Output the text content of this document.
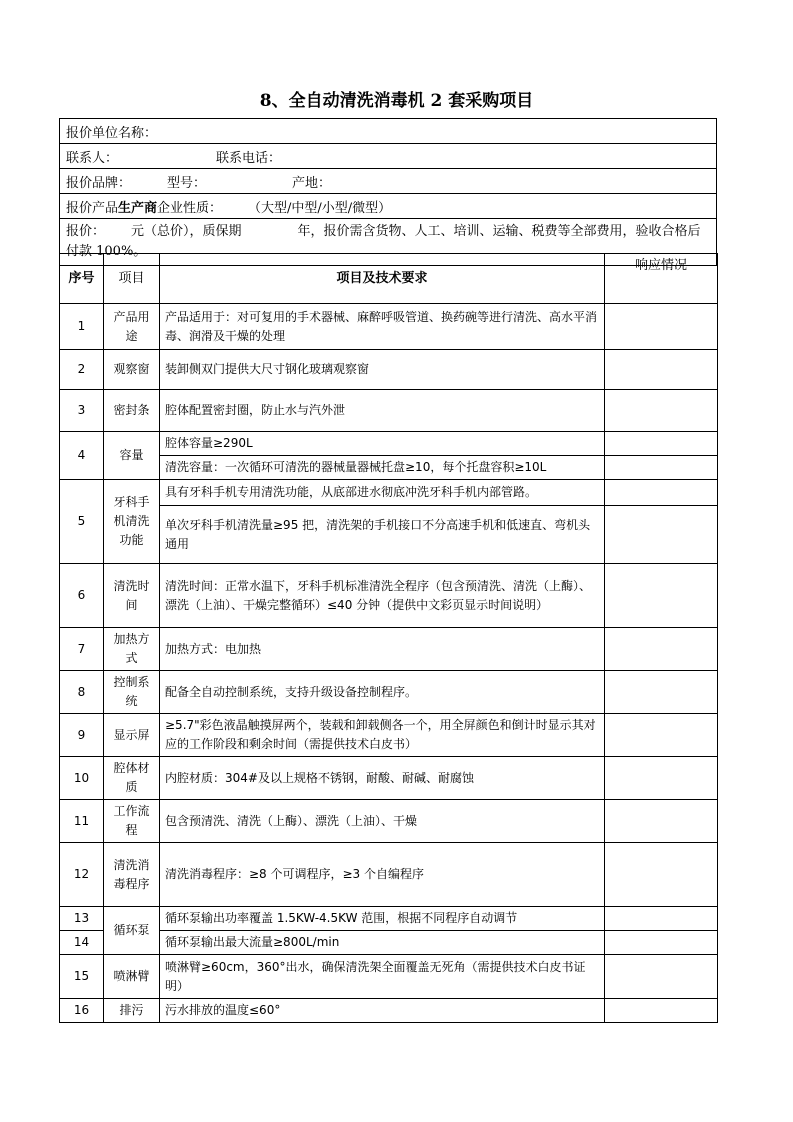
8、全自动清洗消毒机 2 套采购项目
报价单位名称：
联系人：	联系电话：
报价品牌：	型号：	产地：
报价产品生产商企业性质： （大型/中型/小型/微型）
报价： 元（总价），质保期	年，报价需含货物、人工、培训、运输、税费等全部费用，验收合格后付款 100%。
序号	项目	项目及技术要求	响应情况
1	产品用途	产品适用于：对可复用的手术器械、麻醉呼吸管道、换药碗等进行清洗、高水平消毒、润滑及干燥的处理	
2	观察窗	装卸侧双门提供大尺寸钢化玻璃观察窗	
3	密封条	腔体配置密封圈，防止水与汽外泄	
4	容量	腔体容量≥290L	
		清洗容量：一次循环可清洗的器械量器械托盘≥10，每个托盘容积≥10L	
5	牙科手机清洗功能	具有牙科手机专用清洗功能，从底部进水彻底冲洗牙科手机内部管路。	
		单次牙科手机清洗量≥95 把，清洗架的手机接口不分高速手机和低速直、弯机头通用	
6	清洗时间	清洗时间：正常水温下，牙科手机标准清洗全程序（包含预清洗、清洗（上酶）、漂洗（上油）、干燥完整循环）≤40 分钟（提供中文彩页显示时间说明）	
7	加热方式	加热方式：电加热	
8	控制系统	配备全自动控制系统，支持升级设备控制程序。	
9	显示屏	≥5.7"彩色液晶触摸屏两个，装载和卸载侧各一个，用全屏颜色和倒计时显示其对应的工作阶段和剩余时间（需提供技术白皮书）	
10	腔体材质	内腔材质：304#及以上规格不锈钢，耐酸、耐碱、耐腐蚀	
11	工作流程	包含预清洗、清洗（上酶）、漂洗（上油）、干燥	
12	清洗消毒程序	清洗消毒程序：≥8 个可调程序，≥3 个自编程序	
13	循环泵	循环泵输出功率覆盖 1.5KW-4.5KW 范围，根据不同程序自动调节	
14		循环泵输出最大流量≥800L/min	
15	喷淋臂	喷淋臂≥60cm，360°出水，确保清洗架全面覆盖无死角（需提供技术白皮书证明）	
16	排污	污水排放的温度≤60°	
